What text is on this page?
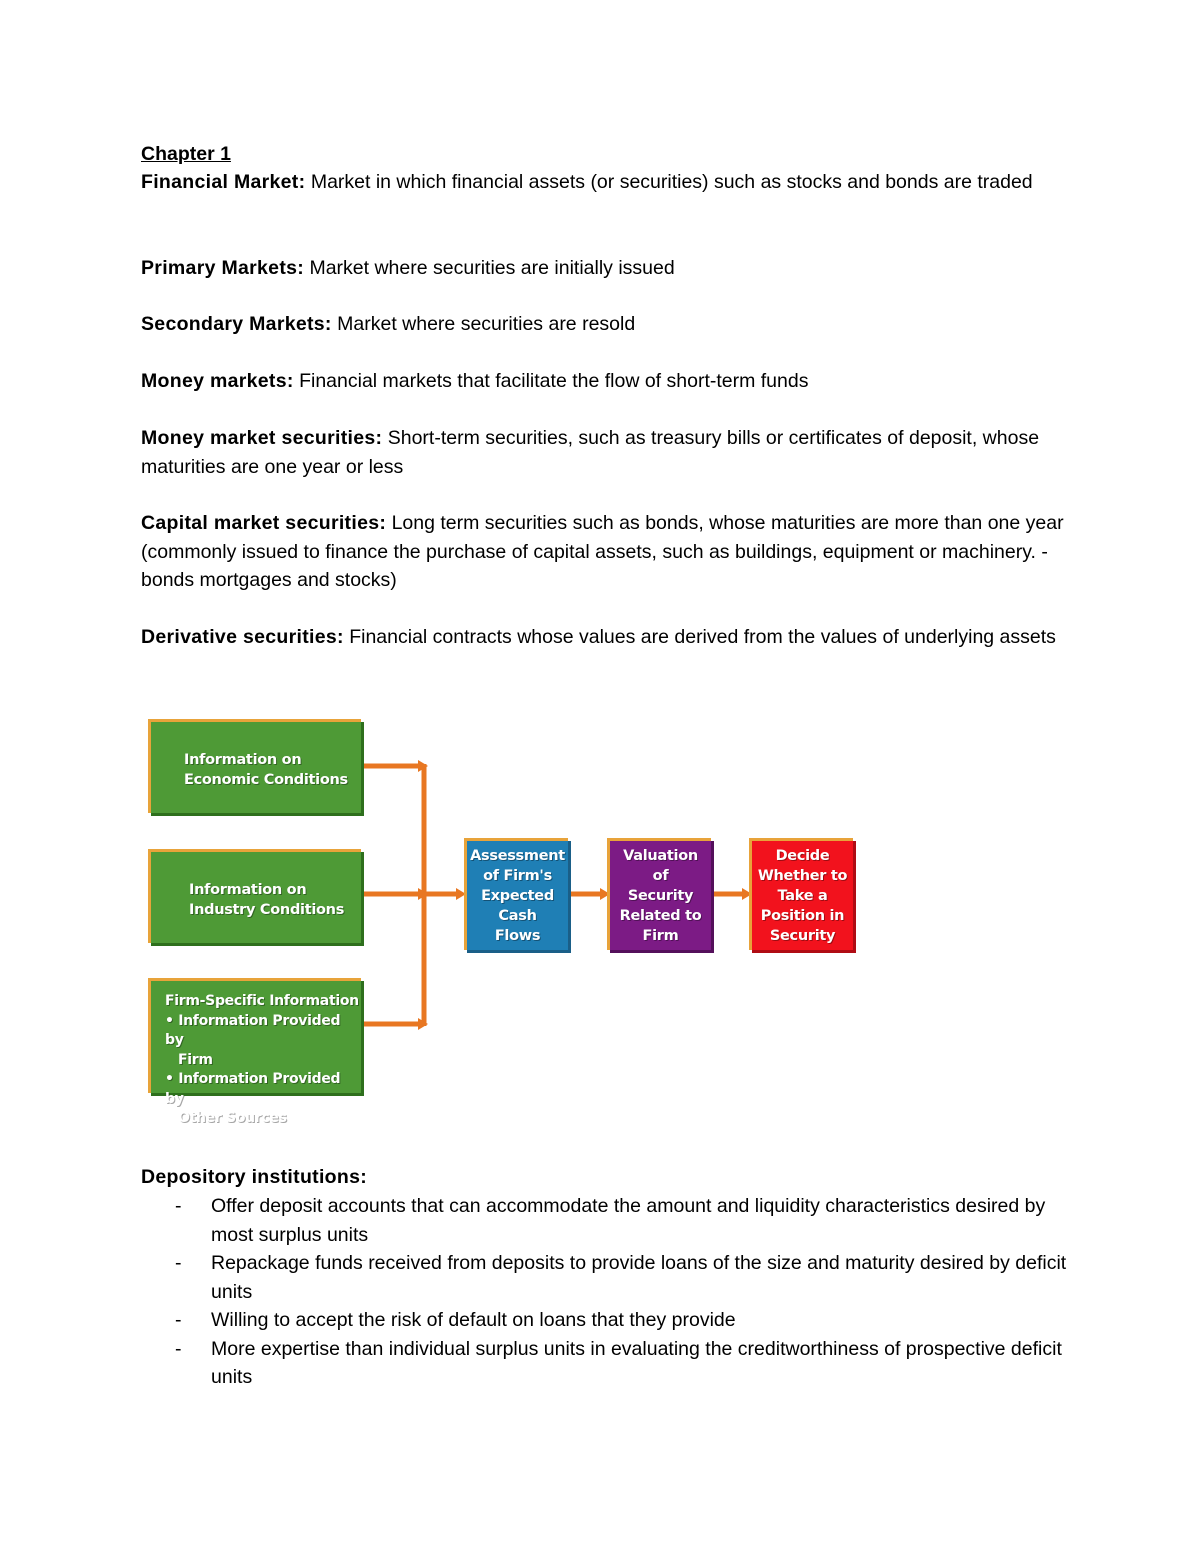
Chapter 1
Financial Market: Market in which financial assets (or securities) such as stocks and bonds are traded
Primary Markets: Market where securities are initially issued
Secondary Markets: Market where securities are resold
Money markets: Financial markets that facilitate the flow of short-term funds
Money market securities: Short-term securities, such as treasury bills or certificates of deposit, whose maturities are one year or less
Capital market securities: Long term securities such as bonds, whose maturities are more than one year (commonly issued to finance the purchase of capital assets, such as buildings, equipment or machinery. - bonds mortgages and stocks)
Derivative securities: Financial contracts whose values are derived from the values of underlying assets
Information on
Economic Conditions
Information on
Industry Conditions
Firm-Specific Information
• Information Provided by
Firm
• Information Provided by
Other Sources
Assessment
of Firm's
Expected
Cash
Flows
Valuation
of
Security
Related to
Firm
Decide
Whether to
Take a
Position in
Security
Depository institutions:
- Offer deposit accounts that can accommodate the amount and liquidity characteristics desired by most surplus units
- Repackage funds received from deposits to provide loans of the size and maturity desired by deficit units
- Willing to accept the risk of default on loans that they provide
- More expertise than individual surplus units in evaluating the creditworthiness of prospective deficit units
